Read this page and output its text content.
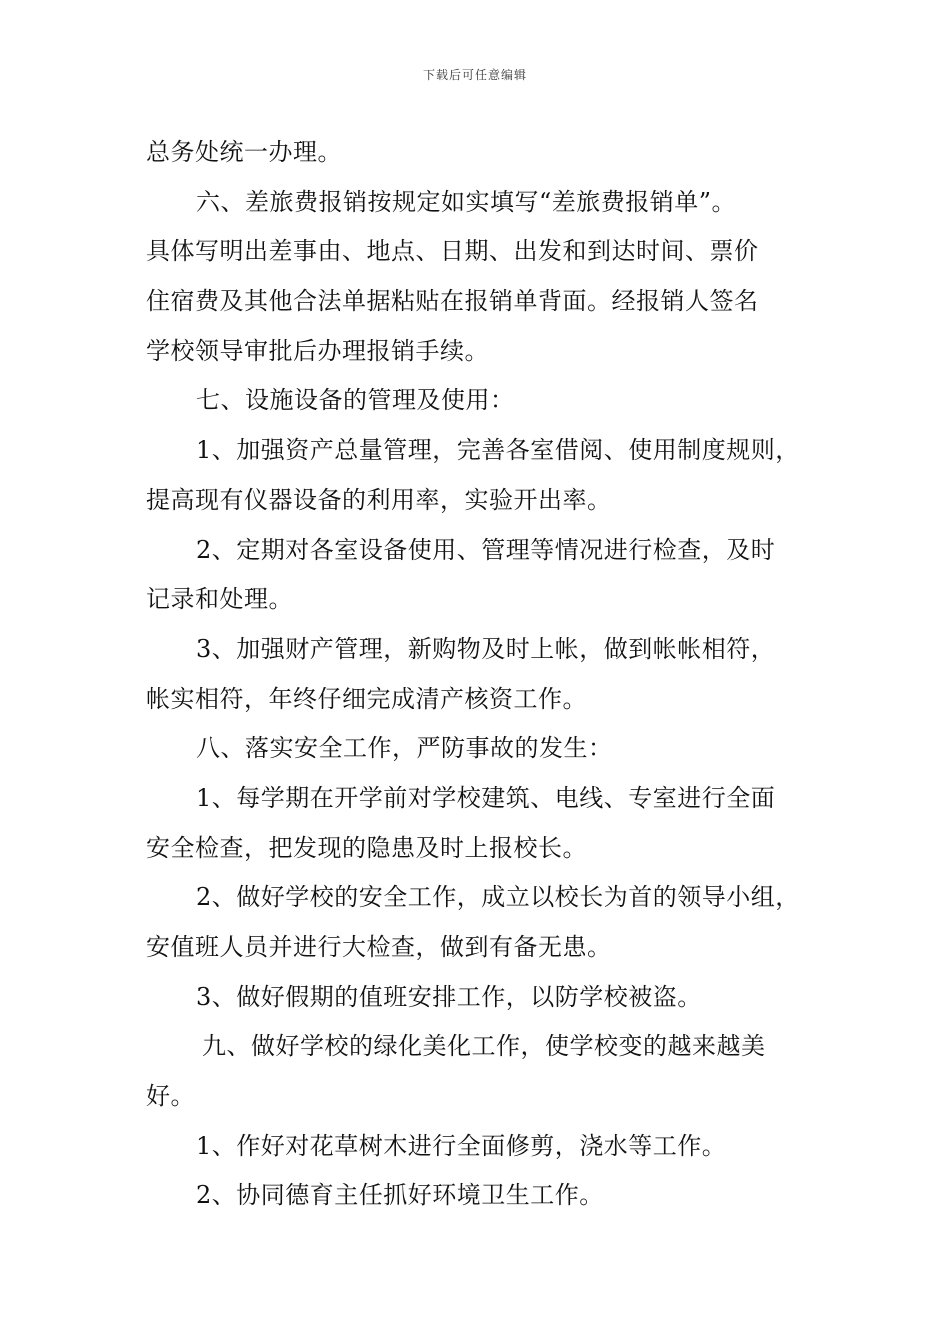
下载后可任意编辑
总务处统一办理。
六、差旅费报销按规定如实填写“差旅费报销单”。
具体写明出差事由、地点、日期、出发和到达时间、票价
住宿费及其他合法单据粘贴在报销单背面。经报销人签名
学校领导审批后办理报销手续。
七、设施设备的管理及使用：
1、加强资产总量管理，完善各室借阅、使用制度规则，
提高现有仪器设备的利用率，实验开出率。
2、定期对各室设备使用、管理等情况进行检查，及时
记录和处理。
3、加强财产管理，新购物及时上帐，做到帐帐相符，
帐实相符，年终仔细完成清产核资工作。
八、落实安全工作，严防事故的发生：
1、每学期在开学前对学校建筑、电线、专室进行全面
安全检查，把发现的隐患及时上报校长。
2、做好学校的安全工作，成立以校长为首的领导小组，
安值班人员并进行大检查，做到有备无患。
3、做好假期的值班安排工作，以防学校被盗。
九、做好学校的绿化美化工作，使学校变的越来越美
好。
1、作好对花草树木进行全面修剪，浇水等工作。
2、协同德育主任抓好环境卫生工作。
